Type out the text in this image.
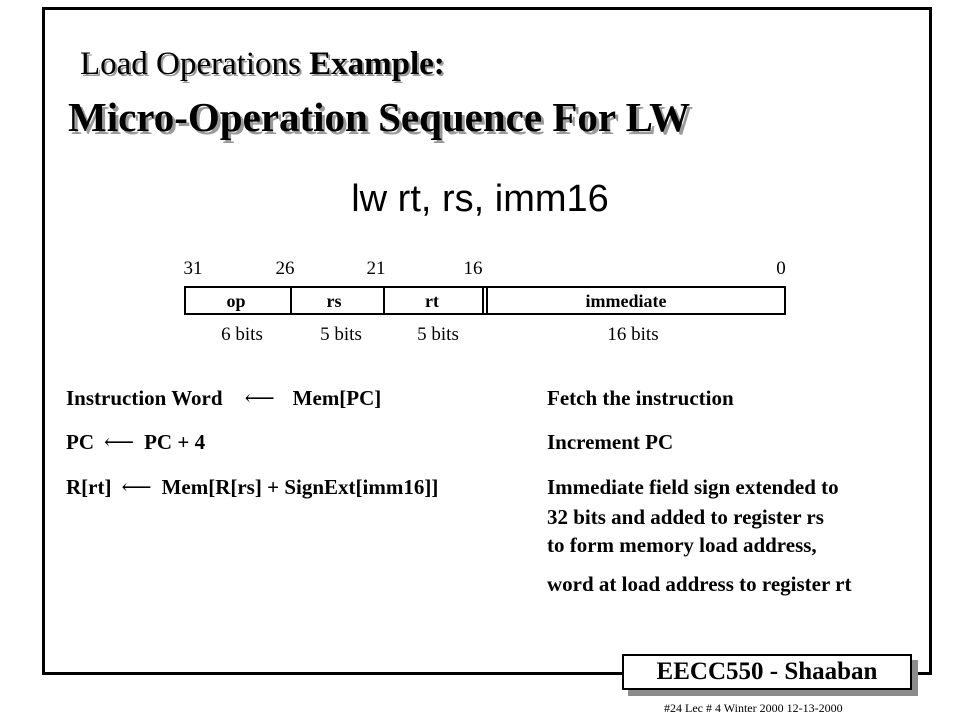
Load Operations Example:
Micro-Operation Sequence For LW
lw rt, rs, imm16
31	26	21	16	0
op	rs	rt	immediate
6 bits	5 bits	5 bits	16 bits
Instruction Word ⟵ Mem[PC]	Fetch the instruction
PC ⟵ PC + 4	Increment PC
R[rt] ⟵ Mem[R[rs] + SignExt[imm16]]	Immediate field sign extended to
32 bits and added to register rs
to form memory load address,
word at load address to register rt
EECC550 - Shaaban
#24 Lec # 4 Winter 2000 12-13-2000
